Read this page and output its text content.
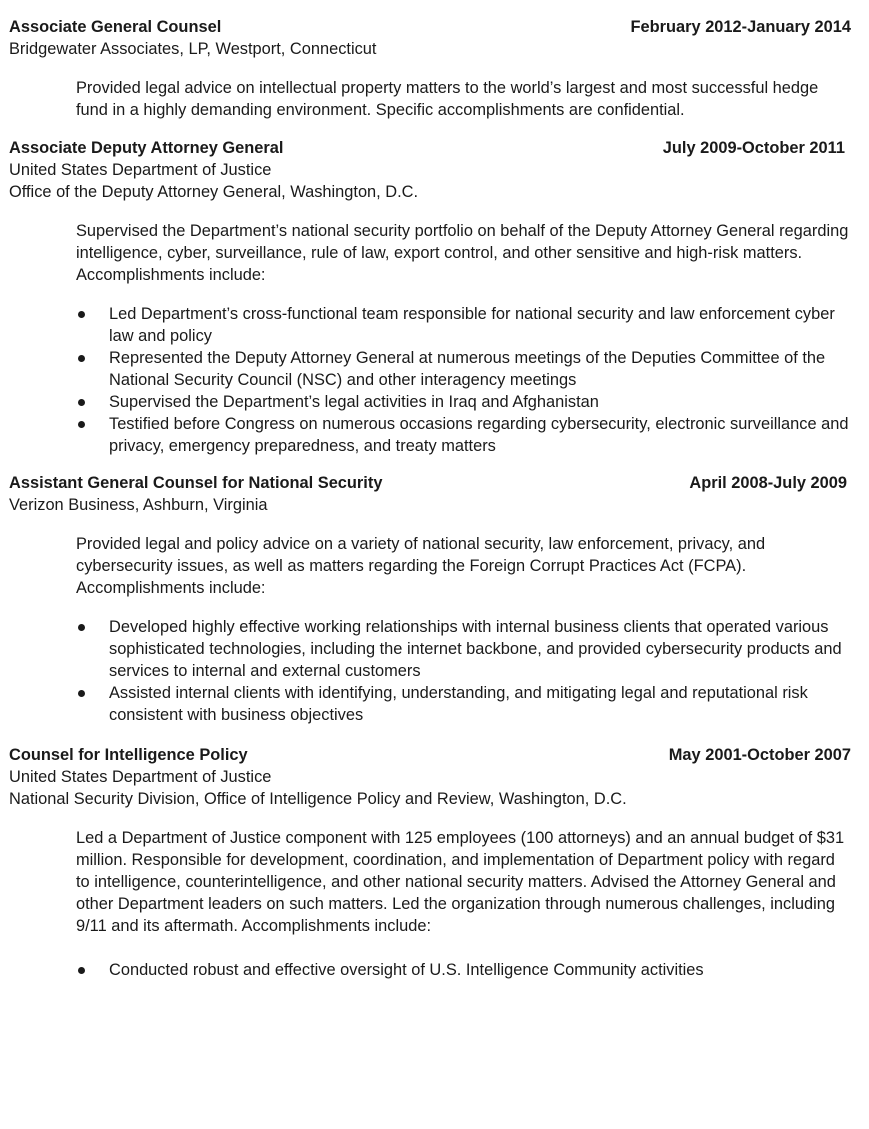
Associate General Counsel	February 2012-January 2014
Bridgewater Associates, LP, Westport, Connecticut

Provided legal advice on intellectual property matters to the world’s largest and most successful hedge fund in a highly demanding environment. Specific accomplishments are confidential.

Associate Deputy Attorney General	July 2009-October 2011
United States Department of Justice
Office of the Deputy Attorney General, Washington, D.C.

Supervised the Department’s national security portfolio on behalf of the Deputy Attorney General regarding intelligence, cyber, surveillance, rule of law, export control, and other sensitive and high-risk matters. Accomplishments include:

Led Department’s cross-functional team responsible for national security and law enforcement cyber law and policy
Represented the Deputy Attorney General at numerous meetings of the Deputies Committee of the National Security Council (NSC) and other interagency meetings
Supervised the Department’s legal activities in Iraq and Afghanistan
Testified before Congress on numerous occasions regarding cybersecurity, electronic surveillance and privacy, emergency preparedness, and treaty matters
Assistant General Counsel for National Security	April 2008-July 2009
Verizon Business, Ashburn, Virginia

Provided legal and policy advice on a variety of national security, law enforcement, privacy, and cybersecurity issues, as well as matters regarding the Foreign Corrupt Practices Act (FCPA). Accomplishments include:

Developed highly effective working relationships with internal business clients that operated various sophisticated technologies, including the internet backbone, and provided cybersecurity products and services to internal and external customers
Assisted internal clients with identifying, understanding, and mitigating legal and reputational risk consistent with business objectives
Counsel for Intelligence Policy	May 2001-October 2007
United States Department of Justice
National Security Division, Office of Intelligence Policy and Review, Washington, D.C.

Led a Department of Justice component with 125 employees (100 attorneys) and an annual budget of $31 million. Responsible for development, coordination, and implementation of Department policy with regard to intelligence, counterintelligence, and other national security matters. Advised the Attorney General and other Department leaders on such matters. Led the organization through numerous challenges, including 9/11 and its aftermath. Accomplishments include:

Conducted robust and effective oversight of U.S. Intelligence Community activities
